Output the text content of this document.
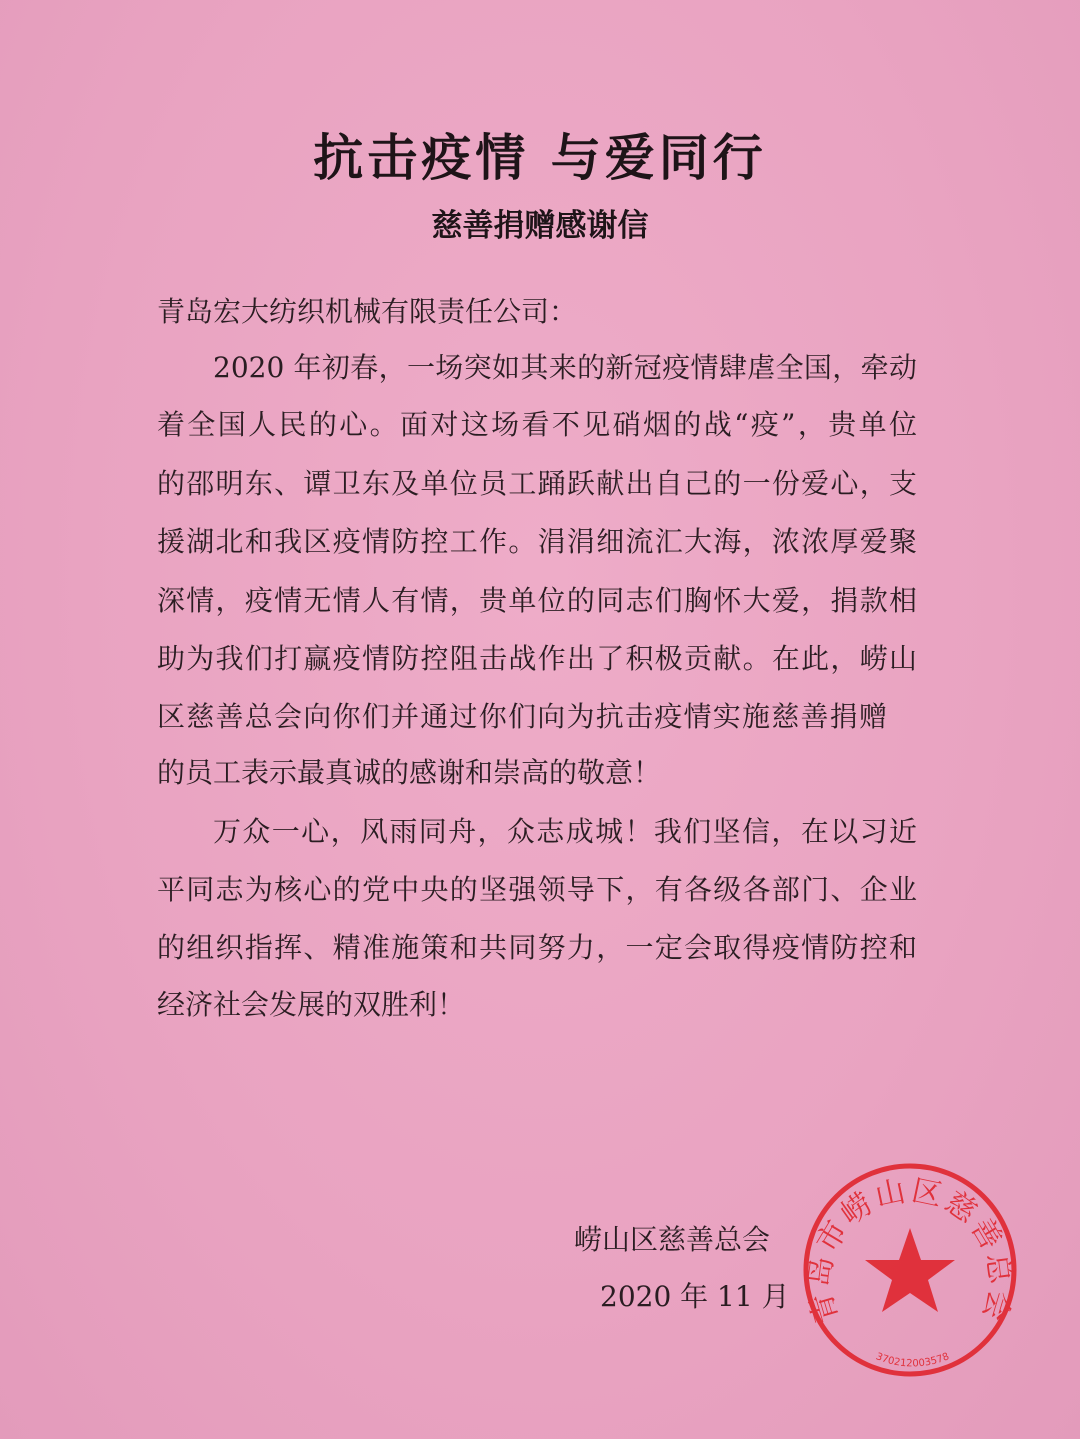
抗击疫情 与爱同行
慈善捐赠感谢信
青岛宏大纺织机械有限责任公司：
2020 年初春，一场突如其来的新冠疫情肆虐全国，牵动
着全国人民的心。面对这场看不见硝烟的战“疫”，贵单位
的邵明东、谭卫东及单位员工踊跃献出自己的一份爱心，支
援湖北和我区疫情防控工作。涓涓细流汇大海，浓浓厚爱聚
深情，疫情无情人有情，贵单位的同志们胸怀大爱，捐款相
助为我们打赢疫情防控阻击战作出了积极贡献。在此，崂山
区慈善总会向你们并通过你们向为抗击疫情实施慈善捐赠
的员工表示最真诚的感谢和崇高的敬意！
万众一心，风雨同舟，众志成城！我们坚信，在以习近
平同志为核心的党中央的坚强领导下，有各级各部门、企业
的组织指挥、精准施策和共同努力，一定会取得疫情防控和
经济社会发展的双胜利！
青岛市崂山区慈善总会
370212003578
崂山区慈善总会
2020 年 11 月
